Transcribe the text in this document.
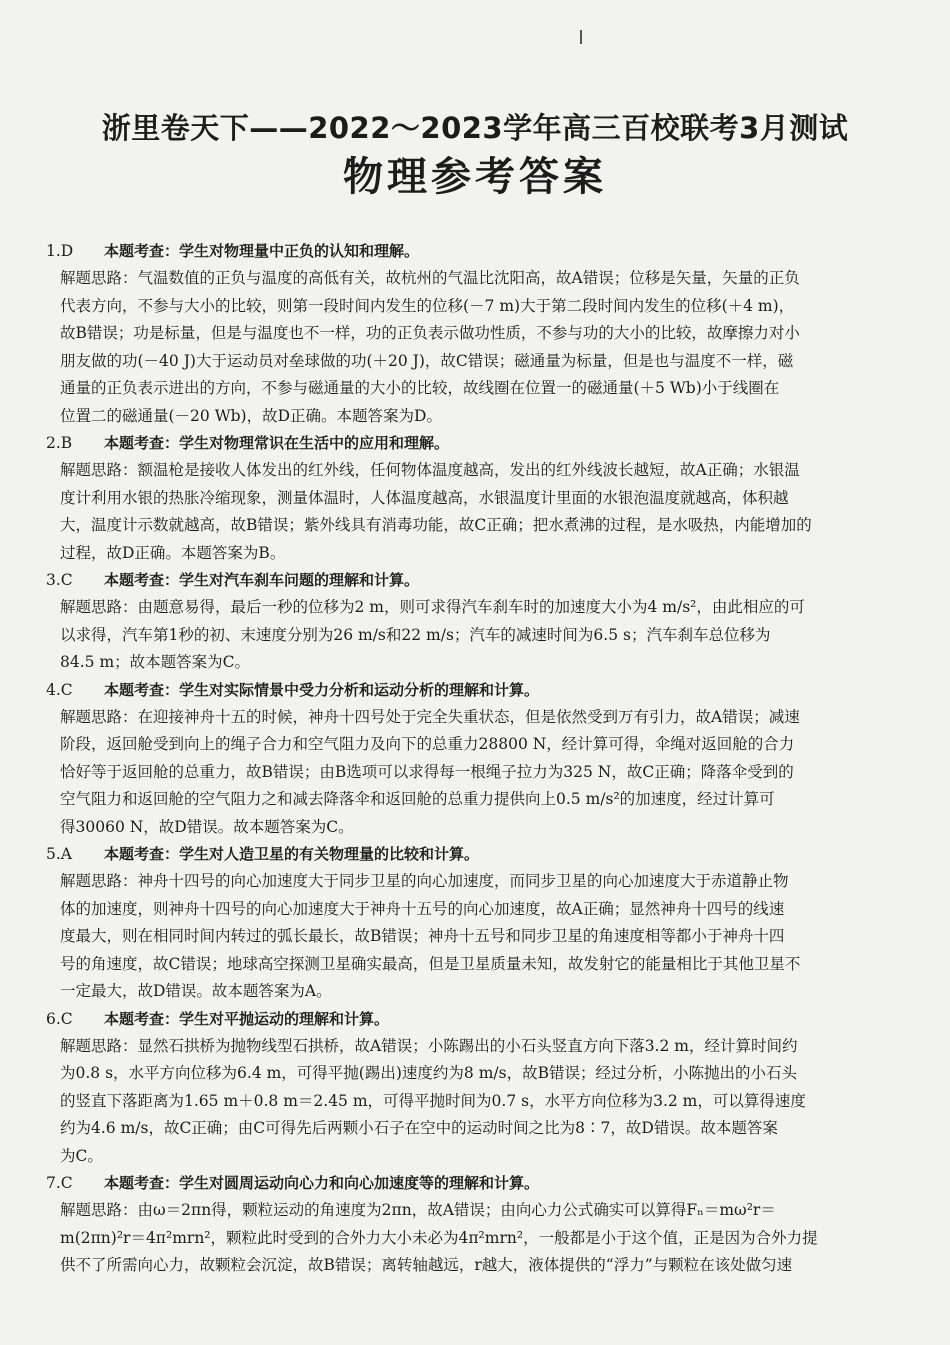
浙里卷天下——2022～2023学年高三百校联考3月测试
物理参考答案
1.D 本题考查：学生对物理量中正负的认知和理解。

解题思路：气温数值的正负与温度的高低有关，故杭州的气温比沈阳高，故A错误；位移是矢量，矢量的正负

代表方向，不参与大小的比较，则第一段时间内发生的位移(－7 m)大于第二段时间内发生的位移(＋4 m)，

故B错误；功是标量，但是与温度也不一样，功的正负表示做功性质，不参与功的大小的比较，故摩擦力对小

朋友做的功(－40 J)大于运动员对垒球做的功(＋20 J)，故C错误；磁通量为标量，但是也与温度不一样，磁

通量的正负表示进出的方向，不参与磁通量的大小的比较，故线圈在位置一的磁通量(＋5 Wb)小于线圈在

位置二的磁通量(－20 Wb)，故D正确。本题答案为D。

2.B 本题考查：学生对物理常识在生活中的应用和理解。

解题思路：额温枪是接收人体发出的红外线，任何物体温度越高，发出的红外线波长越短，故A正确；水银温

度计利用水银的热胀冷缩现象，测量体温时，人体温度越高，水银温度计里面的水银泡温度就越高，体积越

大，温度计示数就越高，故B错误；紫外线具有消毒功能，故C正确；把水煮沸的过程，是水吸热，内能增加的

过程，故D正确。本题答案为B。

3.C 本题考查：学生对汽车刹车问题的理解和计算。

解题思路：由题意易得，最后一秒的位移为2 m，则可求得汽车刹车时的加速度大小为4 m/s²，由此相应的可

以求得，汽车第1秒的初、末速度分别为26 m/s和22 m/s；汽车的减速时间为6.5 s；汽车刹车总位移为

84.5 m；故本题答案为C。

4.C 本题考查：学生对实际情景中受力分析和运动分析的理解和计算。

解题思路：在迎接神舟十五的时候，神舟十四号处于完全失重状态，但是依然受到万有引力，故A错误；减速

阶段，返回舱受到向上的绳子合力和空气阻力及向下的总重力28800 N，经计算可得，伞绳对返回舱的合力

恰好等于返回舱的总重力，故B错误；由B选项可以求得每一根绳子拉力为325 N，故C正确；降落伞受到的

空气阻力和返回舱的空气阻力之和减去降落伞和返回舱的总重力提供向上0.5 m/s²的加速度，经过计算可

得30060 N，故D错误。故本题答案为C。

5.A 本题考查：学生对人造卫星的有关物理量的比较和计算。

解题思路：神舟十四号的向心加速度大于同步卫星的向心加速度，而同步卫星的向心加速度大于赤道静止物

体的加速度，则神舟十四号的向心加速度大于神舟十五号的向心加速度，故A正确；显然神舟十四号的线速

度最大，则在相同时间内转过的弧长最长，故B错误；神舟十五号和同步卫星的角速度相等都小于神舟十四

号的角速度，故C错误；地球高空探测卫星确实最高，但是卫星质量未知，故发射它的能量相比于其他卫星不

一定最大，故D错误。故本题答案为A。

6.C 本题考查：学生对平抛运动的理解和计算。

解题思路：显然石拱桥为抛物线型石拱桥，故A错误；小陈踢出的小石头竖直方向下落3.2 m，经计算时间约

为0.8 s，水平方向位移为6.4 m，可得平抛(踢出)速度约为8 m/s，故B错误；经过分析，小陈抛出的小石头

的竖直下落距离为1.65 m＋0.8 m＝2.45 m，可得平抛时间为0.7 s，水平方向位移为3.2 m，可以算得速度

约为4.6 m/s，故C正确；由C可得先后两颗小石子在空中的运动时间之比为8∶7，故D错误。故本题答案

为C。

7.C 本题考查：学生对圆周运动向心力和向心加速度等的理解和计算。

解题思路：由ω＝2πn得，颗粒运动的角速度为2πn，故A错误；由向心力公式确实可以算得Fₙ＝mω²r＝

m(2πn)²r＝4π²mrn²，颗粒此时受到的合外力大小未必为4π²mrn²，一般都是小于这个值，正是因为合外力提

供不了所需向心力，故颗粒会沉淀，故B错误；离转轴越远，r越大，液体提供的“浮力”与颗粒在该处做匀速
